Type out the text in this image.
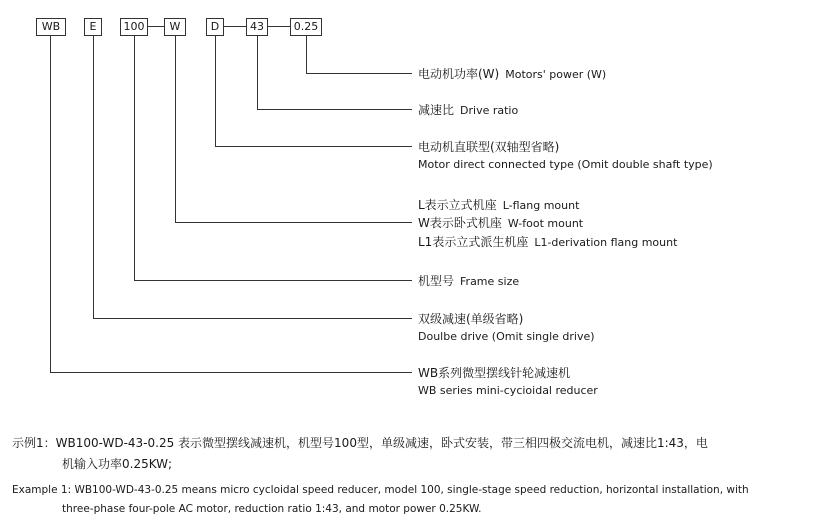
WB	E	100	W	D	43	0.25
电动机功率(W) Motors' power (W)
减速比 Drive ratio
电动机直联型(双轴型省略)
Motor direct connected type (Omit double shaft type)
L表示立式机座 L-flang mount
W表示卧式机座 W-foot mount
L1表示立式派生机座 L1-derivation flang mount
机型号 Frame size
双级减速(单级省略)
Doulbe drive (Omit single drive)
WB系列微型摆线针轮减速机
WB series mini-cycioidal reducer
示例1：WB100-WD-43-0.25 表示微型摆线减速机，机型号100型，单级减速，卧式安装，带三相四极交流电机，减速比1:43，电
机输入功率0.25KW;
Example 1: WB100-WD-43-0.25 means micro cycloidal speed reducer, model 100, single-stage speed reduction, horizontal installation, with
three-phase four-pole AC motor, reduction ratio 1:43, and motor power 0.25KW.
